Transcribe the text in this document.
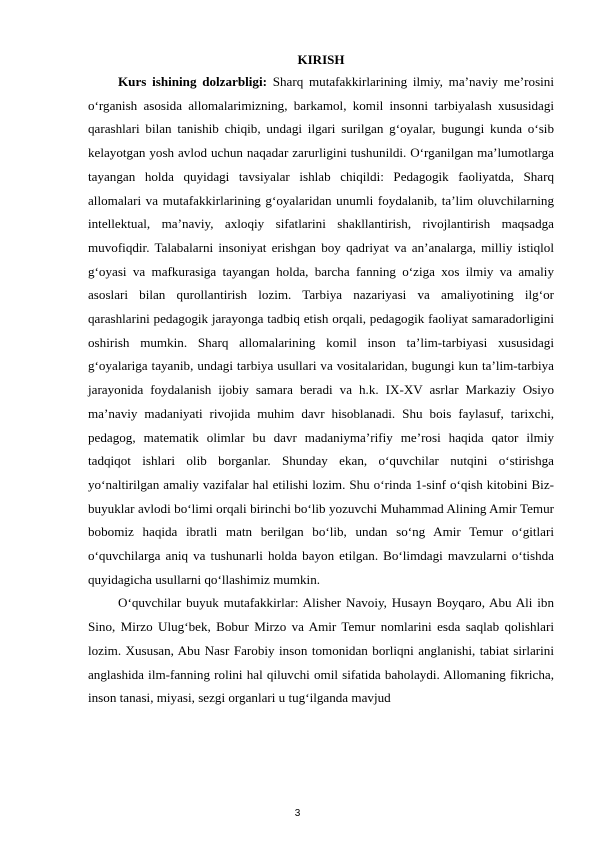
KIRISH

Kurs ishining dolzarbligi: Sharq mutafakkirlarining ilmiy, ma’naviy me’rosini o‘rganish asosida allomalarimizning, barkamol, komil insonni tarbiyalash xususidagi qarashlari bilan tanishib chiqib, undagi ilgari surilgan g‘oyalar, bugungi kunda o‘sib kelayotgan yosh avlod uchun naqadar zarurligini tushunildi. O‘rganilgan ma’lumotlarga tayangan holda quyidagi tavsiyalar ishlab chiqildi: Pedagogik faoliyatda, Sharq allomalari va mutafakkirlarining g‘oyalaridan unumli foydalanib, ta’lim oluvchilarning intellektual, ma’naviy, axloqiy sifatlarini shakllantirish, rivojlantirish maqsadga muvofiqdir. Talabalarni insoniyat erishgan boy qadriyat va an’analarga, milliy istiqlol g‘oyasi va mafkurasiga tayangan holda, barcha fanning o‘ziga xos ilmiy va amaliy asoslari bilan qurollantirish lozim. Tarbiya nazariyasi va amaliyotining ilg‘or qarashlarini pedagogik jarayonga tadbiq etish orqali, pedagogik faoliyat samaradorligini oshirish mumkin. Sharq allomalarining komil inson ta’lim-tarbiyasi xususidagi g‘oyalariga tayanib, undagi tarbiya usullari va vositalaridan, bugungi kun ta’lim-tarbiya jarayonida foydalanish ijobiy samara beradi va h.k. IX-XV asrlar Markaziy Osiyo ma’naviy madaniyati rivojida muhim davr hisoblanadi. Shu bois faylasuf, tarixchi, pedagog, matematik olimlar bu davr madaniyma’rifiy me’rosi haqida qator ilmiy tadqiqot ishlari olib borganlar. Shunday ekan, o‘quvchilar nutqini o‘stirishga yo‘naltirilgan amaliy vazifalar hal etilishi lozim. Shu o‘rinda 1-sinf o‘qish kitobini Biz-buyuklar avlodi bo‘limi orqali birinchi bo‘lib yozuvchi Muhammad Alining Amir Temur bobomiz haqida ibratli matn berilgan bo‘lib, undan so‘ng Amir Temur o‘gitlari o‘quvchilarga aniq va tushunarli holda bayon etilgan. Bo‘limdagi mavzularni o‘tishda quyidagicha usullarni qo‘llashimiz mumkin.

O‘quvchilar buyuk mutafakkirlar: Alisher Navoiy, Husayn Boyqaro, Abu Ali ibn Sino, Mirzo Ulug‘bek, Bobur Mirzo va Amir Temur nomlarini esda saqlab qolishlari lozim. Xususan, Abu Nasr Farobiy inson tomonidan borliqni anglanishi, tabiat sirlarini anglashida ilm-fanning rolini hal qiluvchi omil sifatida baholaydi. Allomaning fikricha, inson tanasi, miyasi, sezgi organlari u tug‘ilganda mavjud

3
